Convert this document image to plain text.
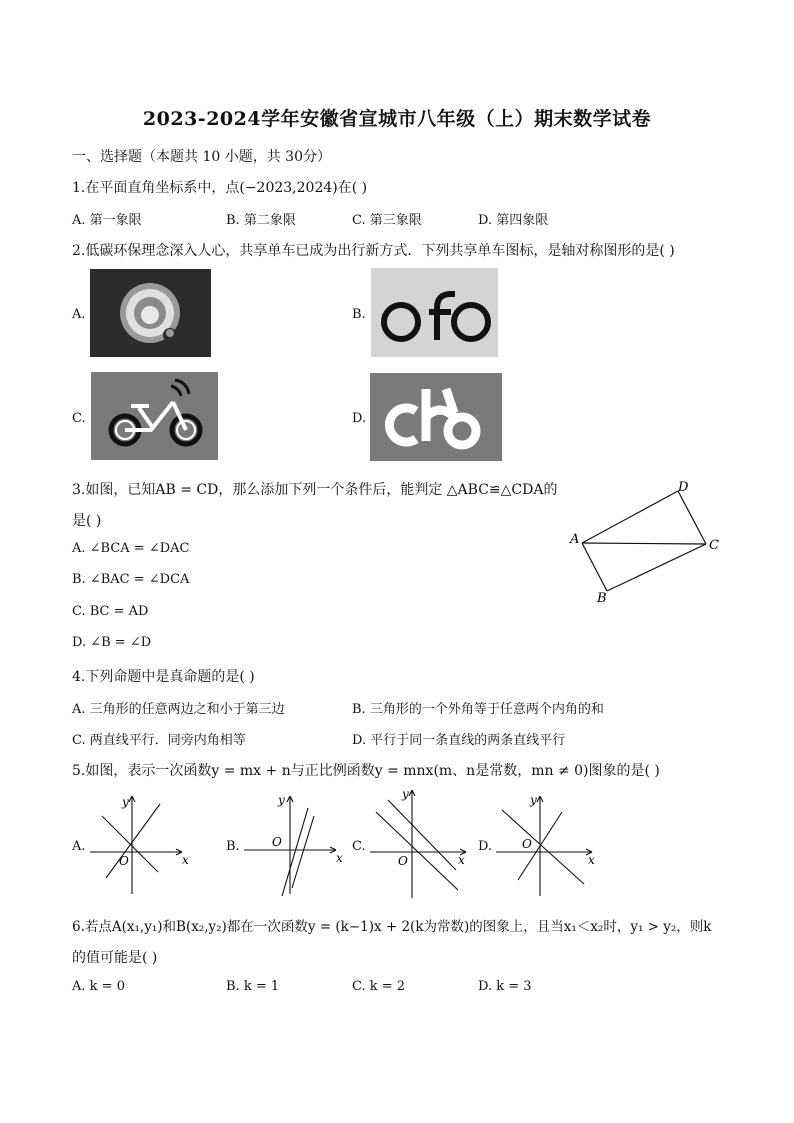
2023-2024学年安徽省宣城市八年级（上）期末数学试卷
一、选择题（本题共 10 小题，共 30分）
1.在平面直角坐标系中，点(−2023,2024)在( )
A. 第一象限	B. 第二象限	C. 第三象限	D. 第四象限
2.低碳环保理念深入人心，共享单车已成为出行新方式．下列共享单车图标，是轴对称图形的是( )
A.	B.
C.	D.
3.如图，已知AB = CD，那么添加下列一个条件后，能判定 △ABC≌△CDA的
是( )
A. ∠BCA = ∠DAC
B. ∠BAC = ∠DCA
C. BC = AD
D. ∠B = ∠D
D
A	C
B
4.下列命题中是真命题的是( )
A. 三角形的任意两边之和小于第三边	B. 三角形的一个外角等于任意两个内角的和
C. 两直线平行．同旁内角相等	D. 平行于同一条直线的两条直线平行
5.如图，表示一次函数y = mx + n与正比例函数y = mnx(m、n是常数，mn ≠ 0)图象的是( )
A.
y
x
O
B.
y
x
O	C.
y
x
O
D.
y
x
O
6.若点A(x₁,y₁)和B(x₂,y₂)都在一次函数y = (k−1)x + 2(k为常数)的图象上，且当x₁＜x₂时，y₁ > y₂，则k
的值可能是( )
A. k = 0	B. k = 1	C. k = 2	D. k = 3
